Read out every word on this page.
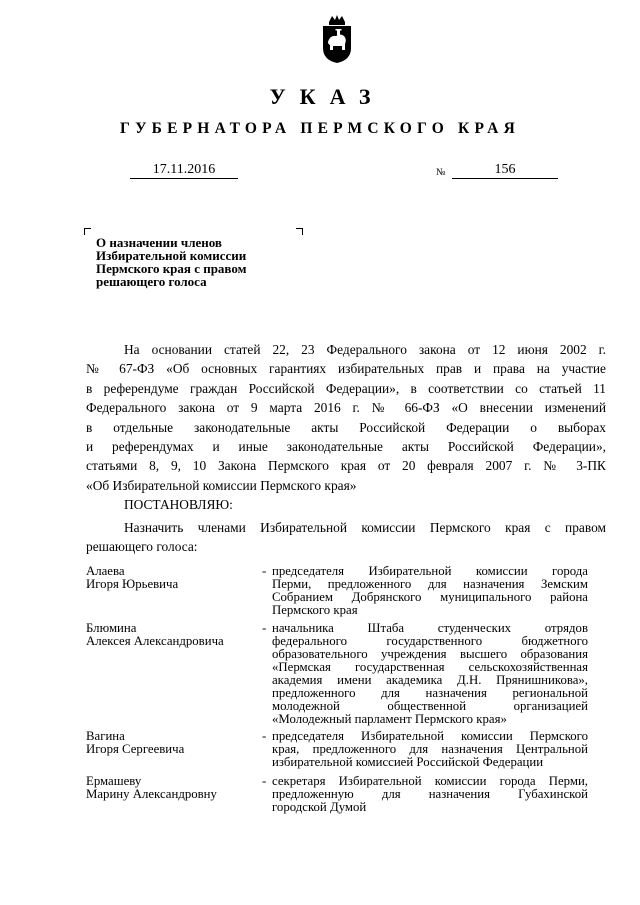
УКАЗ
ГУБЕРНАТОРА ПЕРМСКОГО КРАЯ
17.11.2016	№	156
О назначении членов
Избирательной комиссии
Пермского края с правом
решающего голоса
На основании статей 22, 23 Федерального закона от 12 июня 2002 г.
№ 67-ФЗ «Об основных гарантиях избирательных прав и права на участие
в референдуме граждан Российской Федерации», в соответствии со статьей 11
Федерального закона от 9 марта 2016 г. № 66-ФЗ «О внесении изменений
в отдельные законодательные акты Российской Федерации о выборах
и референдумах и иные законодательные акты Российской Федерации»,
статьями 8, 9, 10 Закона Пермского края от 20 февраля 2007 г. № 3-ПК
«Об Избирательной комиссии Пермского края»
ПОСТАНОВЛЯЮ:
Назначить членами Избирательной комиссии Пермского края с правом
решающего голоса:
Алаева
Игоря Юрьевича
- председателя Избирательной комиссии города
Перми, предложенного для назначения Земским
Собранием Добрянского муниципального района
Пермского края
Блюмина
Алексея Александровича
- начальника Штаба студенческих отрядов
федерального государственного бюджетного
образовательного учреждения высшего образования
«Пермская государственная сельскохозяйственная
академия имени академика Д.Н. Прянишникова»,
предложенного для назначения региональной
молодежной общественной организацией
«Молодежный парламент Пермского края»
Вагина
Игоря Сергеевича
- председателя Избирательной комиссии Пермского
края, предложенного для назначения Центральной
избирательной комиссией Российской Федерации
Ермашеву
Марину Александровну
- секретаря Избирательной комиссии города Перми,
предложенную для назначения Губахинской
городской Думой
